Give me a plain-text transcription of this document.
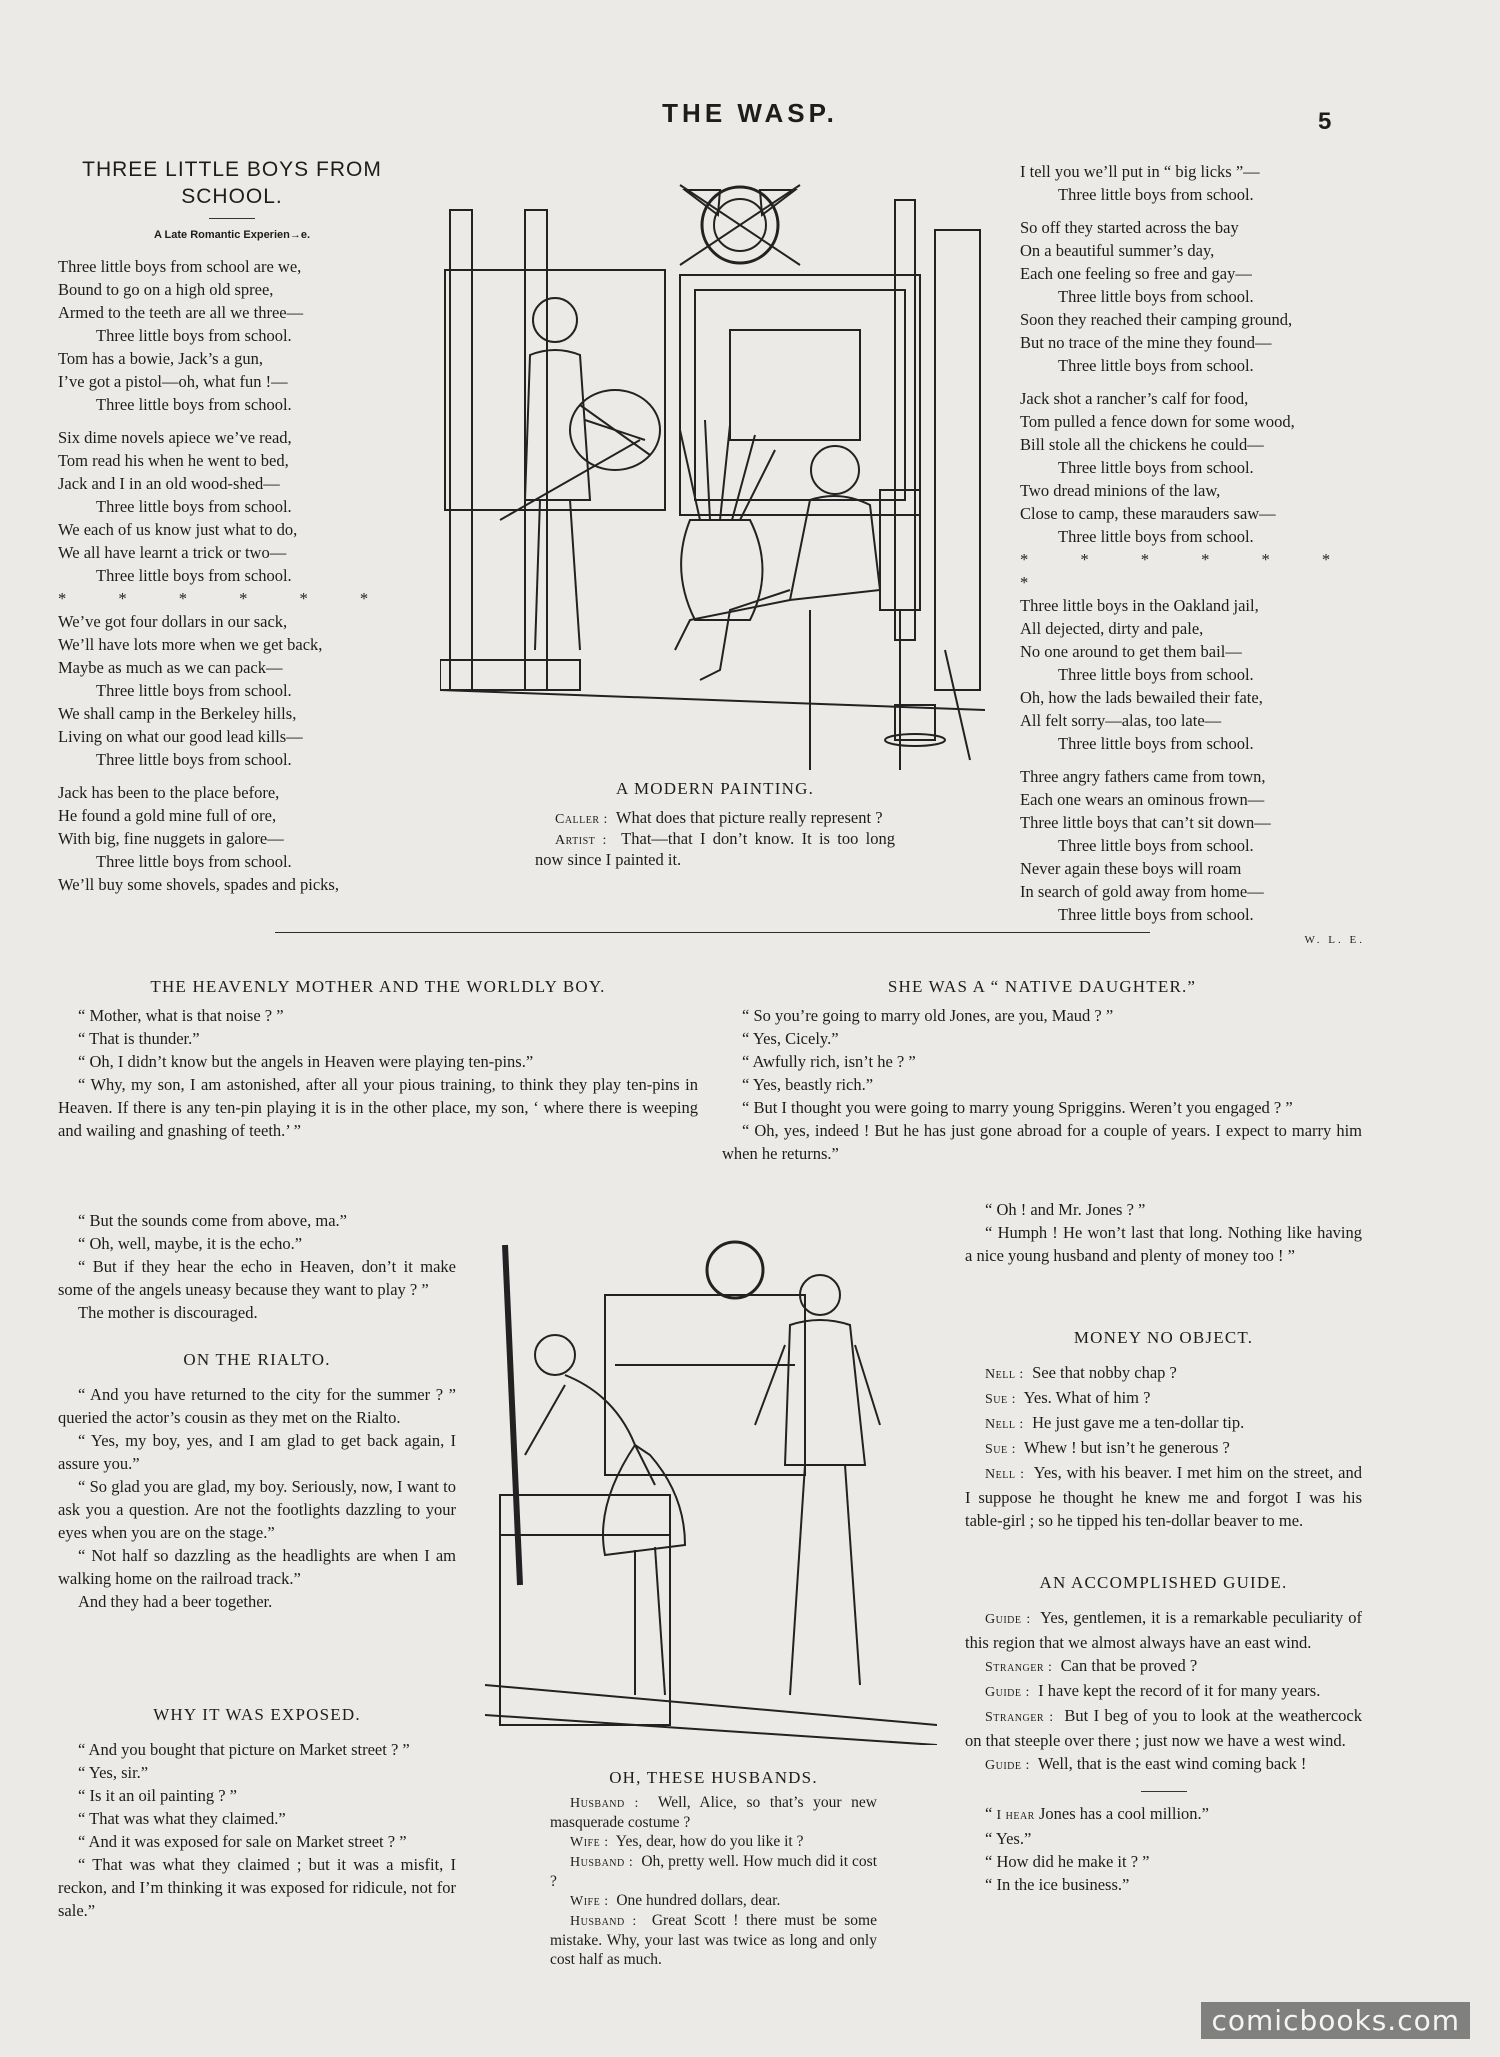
THE WASP.	5
THREE LITTLE BOYS FROM
SCHOOL.
A Late Romantic Experien→e.

Three little boys from school are we,

Bound to go on a high old spree,

Armed to the teeth are all we three—

Three little boys from school.

Tom has a bowie, Jack’s a gun,

I’ve got a pistol—oh, what fun !—

Three little boys from school.

Six dime novels apiece we’ve read,

Tom read his when he went to bed,

Jack and I in an old wood-shed—

Three little boys from school.

We each of us know just what to do,

We all have learnt a trick or two—

Three little boys from school.

* * * * * *

We’ve got four dollars in our sack,

We’ll have lots more when we get back,

Maybe as much as we can pack—

Three little boys from school.

We shall camp in the Berkeley hills,

Living on what our good lead kills—

Three little boys from school.

Jack has been to the place before,

He found a gold mine full of ore,

With big, fine nuggets in galore—

Three little boys from school.

We’ll buy some shovels, spades and picks,

A MODERN PAINTING.

Caller : What does that picture really represent ?

Artist : That—that I don’t know. It is too long now since I painted it.

I tell you we’ll put in “ big licks ”—

Three little boys from school.

So off they started across the bay

On a beautiful summer’s day,

Each one feeling so free and gay—

Three little boys from school.

Soon they reached their camping ground,

But no trace of the mine they found—

Three little boys from school.

Jack shot a rancher’s calf for food,

Tom pulled a fence down for some wood,

Bill stole all the chickens he could—

Three little boys from school.

Two dread minions of the law,

Close to camp, these marauders saw—

Three little boys from school.

* * * * * * *

Three little boys in the Oakland jail,

All dejected, dirty and pale,

No one around to get them bail—

Three little boys from school.

Oh, how the lads bewailed their fate,

All felt sorry—alas, too late—

Three little boys from school.

Three angry fathers came from town,

Each one wears an ominous frown—

Three little boys that can’t sit down—

Three little boys from school.

Never again these boys will roam

In search of gold away from home—

Three little boys from school.

W. L. E.
THE HEAVENLY MOTHER AND THE WORLDLY BOY.

“ Mother, what is that noise ? ”

“ That is thunder.”

“ Oh, I didn’t know but the angels in Heaven were playing ten-pins.”

“ Why, my son, I am astonished, after all your pious training, to think they play ten-pins in Heaven. If there is any ten-pin playing it is in the other place, my son, ‘ where there is weeping and wailing and gnashing of teeth.’ ”

“ But the sounds come from above, ma.”

“ Oh, well, maybe, it is the echo.”

“ But if they hear the echo in Heaven, don’t it make some of the angels uneasy because they want to play ? ”

The mother is discouraged.

ON THE RIALTO.

“ And you have returned to the city for the summer ? ” queried the actor’s cousin as they met on the Rialto.

“ Yes, my boy, yes, and I am glad to get back again, I assure you.”

“ So glad you are glad, my boy. Seriously, now, I want to ask you a question. Are not the footlights dazzling to your eyes when you are on the stage.”

“ Not half so dazzling as the headlights are when I am walking home on the railroad track.”

And they had a beer together.

WHY IT WAS EXPOSED.

“ And you bought that picture on Market street ? ”

“ Yes, sir.”

“ Is it an oil painting ? ”

“ That was what they claimed.”

“ And it was exposed for sale on Market street ? ”

“ That was what they claimed ; but it was a misfit, I reckon, and I’m thinking it was exposed for ridicule, not for sale.”

SHE WAS A “ NATIVE DAUGHTER.”

“ So you’re going to marry old Jones, are you, Maud ? ”

“ Yes, Cicely.”

“ Awfully rich, isn’t he ? ”

“ Yes, beastly rich.”

“ But I thought you were going to marry young Spriggins. Weren’t you engaged ? ”

“ Oh, yes, indeed ! But he has just gone abroad for a couple of years. I expect to marry him when he returns.”

“ Oh ! and Mr. Jones ? ”

“ Humph ! He won’t last that long. Nothing like having a nice young husband and plenty of money too ! ”

OH, THESE HUSBANDS.

Husband : Well, Alice, so that’s your new masquerade costume ?

Wife : Yes, dear, how do you like it ?

Husband : Oh, pretty well. How much did it cost ?

Wife : One hundred dollars, dear.

Husband : Great Scott ! there must be some mistake. Why, your last was twice as long and only cost half as much.

MONEY NO OBJECT.

Nell : See that nobby chap ?

Sue : Yes. What of him ?

Nell : He just gave me a ten-dollar tip.

Sue : Whew ! but isn’t he generous ?

Nell : Yes, with his beaver. I met him on the street, and I suppose he thought he knew me and forgot I was his table-girl ; so he tipped his ten-dollar beaver to me.

AN ACCOMPLISHED GUIDE.

Guide : Yes, gentlemen, it is a remarkable peculiarity of this region that we almost always have an east wind.

Stranger : Can that be proved ?

Guide : I have kept the record of it for many years.

Stranger : But I beg of you to look at the weathercock on that steeple over there ; just now we have a west wind.

Guide : Well, that is the east wind coming back !

“ I hear Jones has a cool million.”

“ Yes.”

“ How did he make it ? ”

“ In the ice business.”

comicbooks.com
